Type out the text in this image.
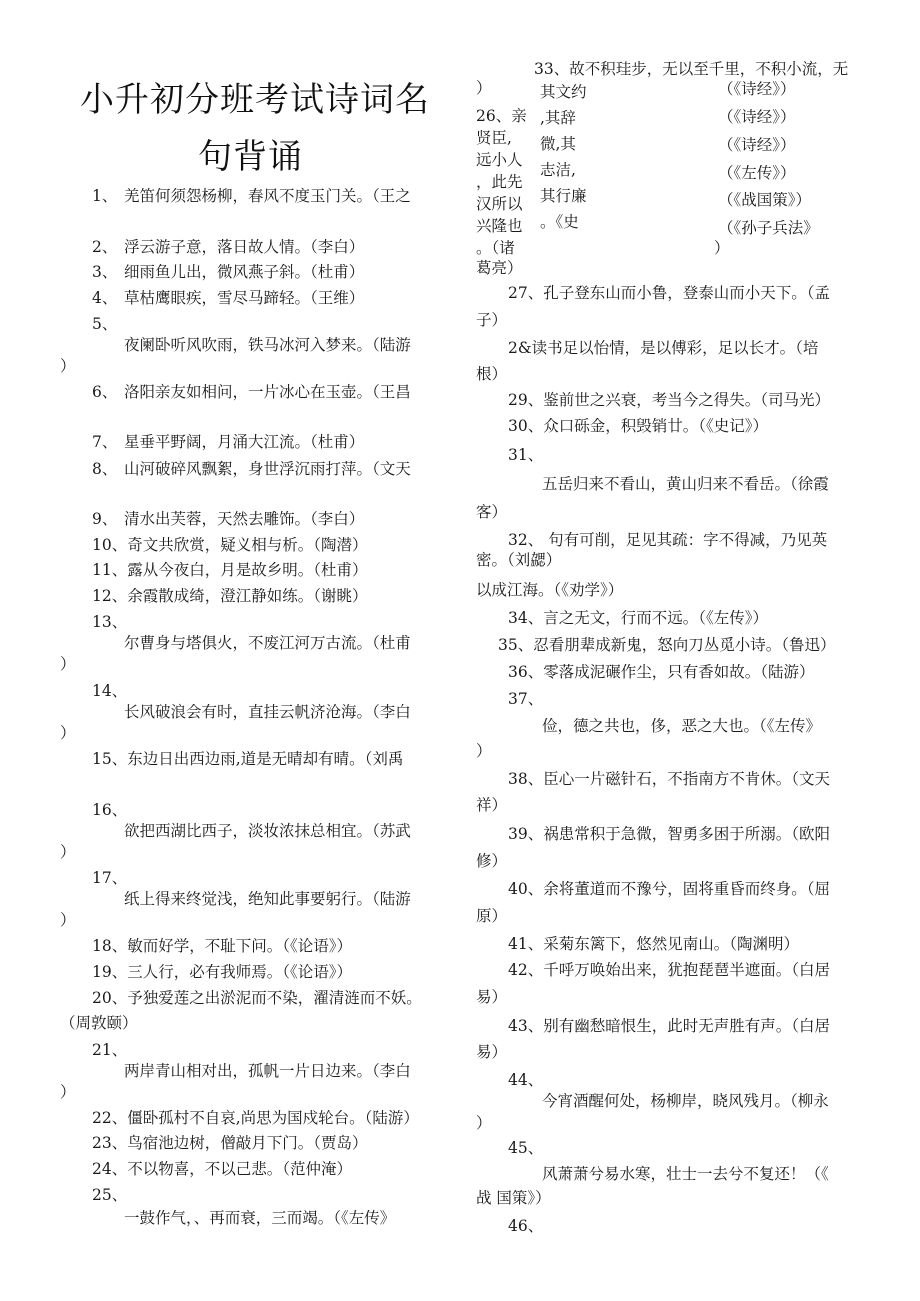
小升初分班考试诗词名
句背诵
1、 羌笛何须怨杨柳，春风不度玉门关。（王之
2、 浮云游子意，落日故人情。（李白）
3、 细雨鱼儿出，微风燕子斜。（杜甫）
4、 草枯鹰眼疾，雪尽马蹄轻。（王维）
5、
夜阑卧听风吹雨，铁马冰河入梦来。（陆游
）
6、 洛阳亲友如相问，一片冰心在玉壶。（王昌
7、 星垂平野阔，月涌大江流。（杜甫）
8、 山河破碎风飘絮，身世浮沉雨打萍。（文天
9、 清水出芙蓉，天然去雕饰。（李白）
10、奇文共欣赏，疑义相与析。（陶潜）
11、露从今夜白，月是故乡明。（杜甫）
12、余霞散成绮，澄江静如练。（谢眺）
13、
尔曹身与塔俱火，不废江河万古流。（杜甫
）
14、
长风破浪会有时，直挂云帆济沧海。（李白
）
15、东边日出西边雨,道是无晴却有晴。（刘禹
16、
欲把西湖比西子，淡妆浓抹总相宜。（苏武
）
17、
纸上得来终觉浅，绝知此事要躬行。（陆游
）
18、敏而好学，不耻下问。（《论语》）
19、三人行，必有我师焉。（《论语》）
20、予独爱莲之出淤泥而不染，濯清涟而不妖。
（周敦颐）
21、
两岸青山相对出，孤帆一片日边来。（李白
）
22、僵卧孤村不自哀,尚思为国戍轮台。（陆游）
23、鸟宿池边树，僧敲月下门。（贾岛）
24、不以物喜，不以己悲。（范仲淹）
25、
一鼓作气，、再而衰，三而竭。（《左传》
33、故不积珪步，无以至千里，不积小流，无
）
26、亲
贤臣,
远小人
，此先
汉所以
兴隆也
。（诸
葛亮）
其文约
,其辞
微,其
志洁,
其行廉
。《史
（《诗经》）
（《诗经》）
（《诗经》）
（《左传》）
（《战国策》）
（《孙子兵法》
）
27、孔子登东山而小鲁，登泰山而小天下。（孟
子）
2&读书足以怡情，是以傅彩，足以长才。（培
根）
29、鉴前世之兴衰，考当今之得失。（司马光）
30、众口砾金，积毁销廿。（《史记》）
31、
五岳归来不看山，黄山归来不看岳。（徐霞
客）
32、 句有可削，足见其疏：字不得减，乃见英
密。（刘勰）
以成江海。（《劝学》）
34、言之无文，行而不远。（《左传》）
35、忍看朋辈成新鬼，怒向刀丛觅小诗。（鲁迅）
36、零落成泥碾作尘，只有香如故。（陆游）
37、
俭，德之共也，侈，恶之大也。（《左传》
）
38、臣心一片磁针石，不指南方不肯休。（文天
祥）
39、祸患常积于急微，智勇多困于所溺。（欧阳
修）
40、余将董道而不豫兮，固将重昏而终身。（屈
原）
41、采菊东篱下，悠然见南山。（陶渊明）
42、千呼万唤始出来，犹抱琵琶半遮面。（白居
易）
43、别有幽愁暗恨生，此时无声胜有声。（白居
易）
44、
今宵酒醒何处，杨柳岸，晓风残月。（柳永
）
45、
风萧萧兮易水寒，壮士一去兮不复还！（《
战 国策》）
46、
